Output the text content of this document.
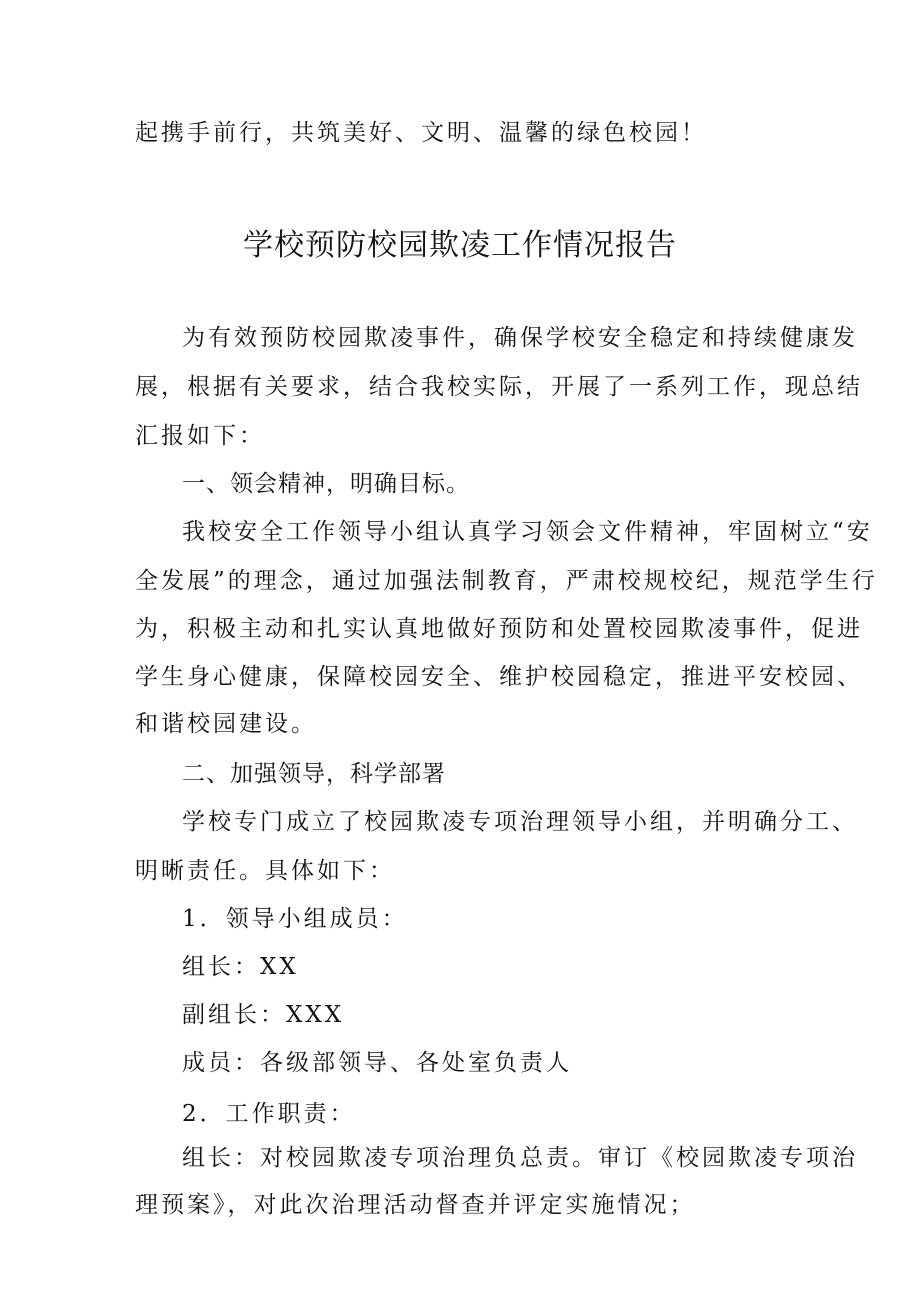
起携手前行，共筑美好、文明、温馨的绿色校园！
学校预防校园欺凌工作情况报告
为有效预防校园欺凌事件，确保学校安全稳定和持续健康发
展，根据有关要求，结合我校实际，开展了一系列工作，现总结
汇报如下：
一、领会精神，明确目标。
我校安全工作领导小组认真学习领会文件精神，牢固树立“安
全发展”的理念，通过加强法制教育，严肃校规校纪，规范学生行
为，积极主动和扎实认真地做好预防和处置校园欺凌事件，促进
学生身心健康，保障校园安全、维护校园稳定，推进平安校园、
和谐校园建设。
二、加强领导，科学部署
学校专门成立了校园欺凌专项治理领导小组，并明确分工、
明晰责任。具体如下：
1．领导小组成员：
组长：XX
副组长：XXX
成员：各级部领导、各处室负责人
2．工作职责：
组长：对校园欺凌专项治理负总责。审订《校园欺凌专项治
理预案》，对此次治理活动督查并评定实施情况；
